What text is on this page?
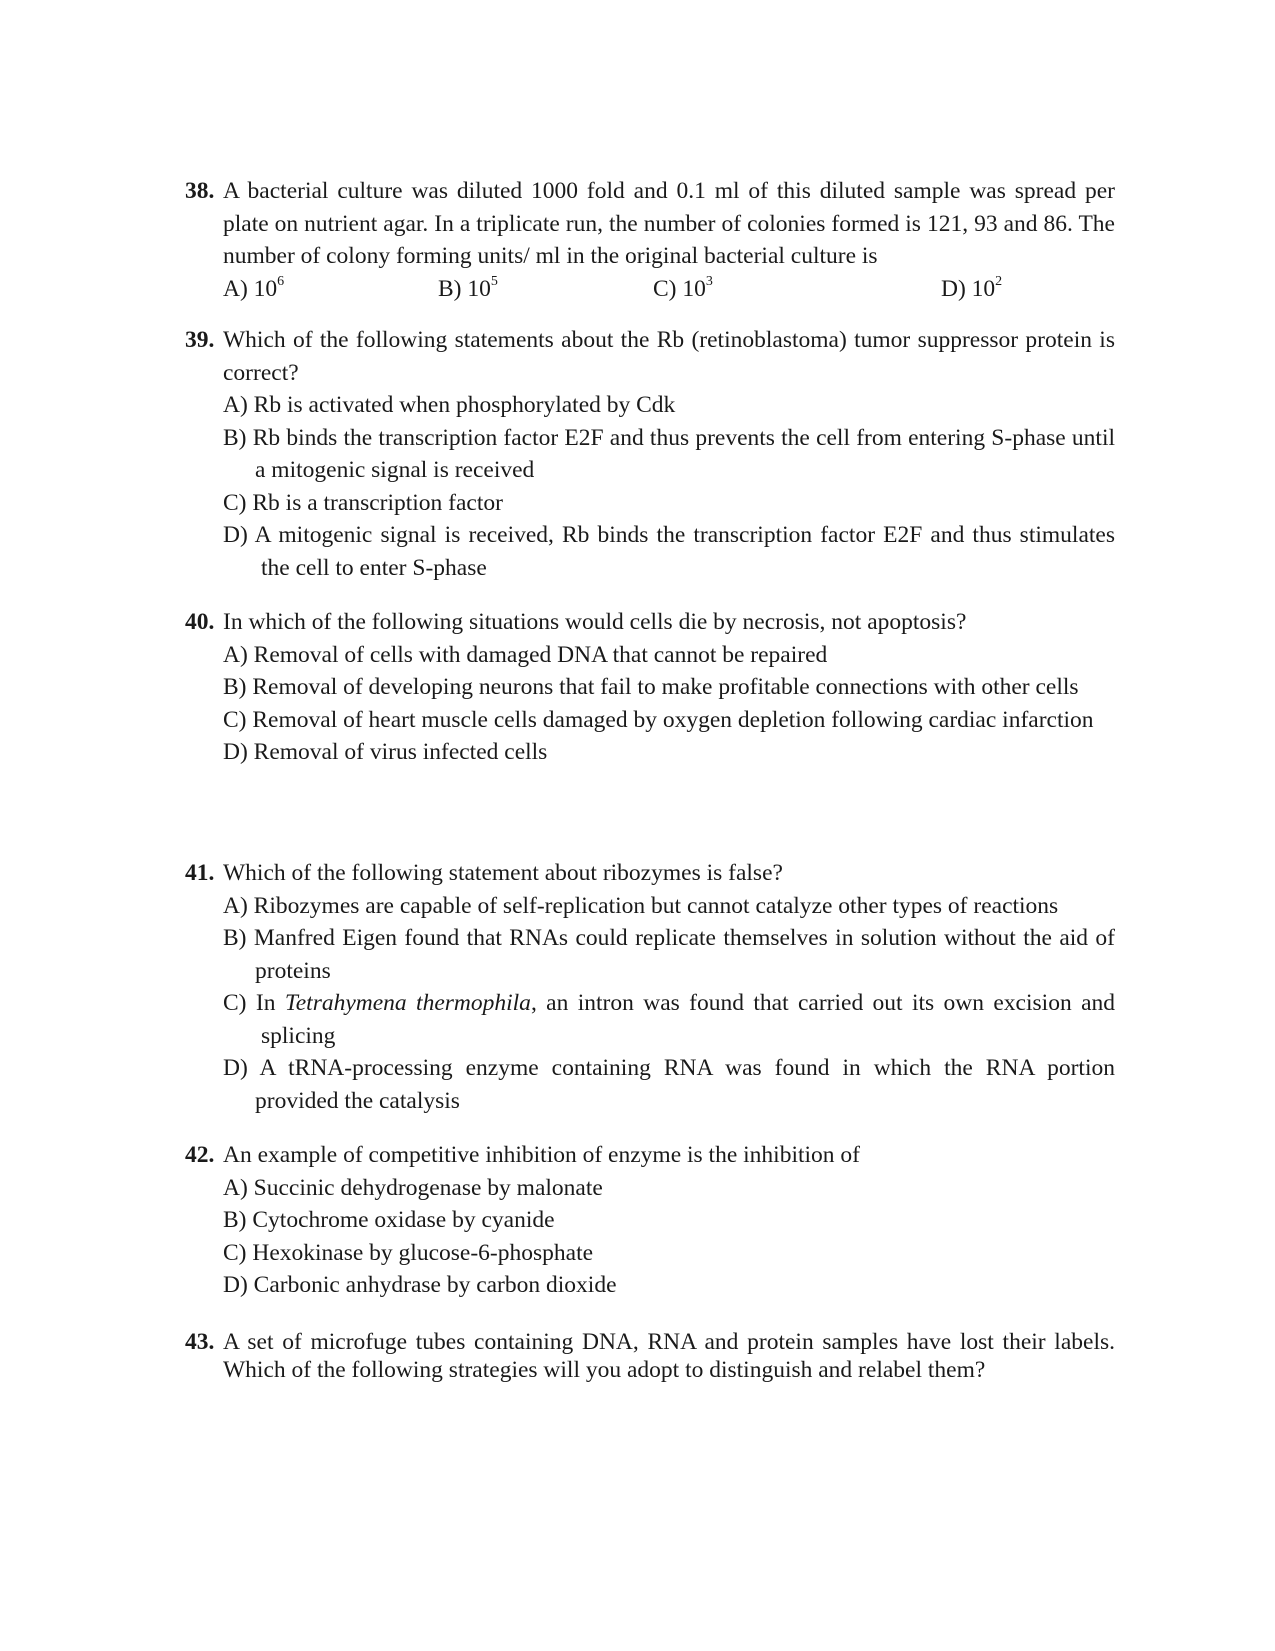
38. A bacterial culture was diluted 1000 fold and 0.1 ml of this diluted sample was spread per plate on nutrient agar. In a triplicate run, the number of colonies formed is 121, 93 and 86. The number of colony forming units/ ml in the original bacterial culture is
A) $10^6$	B) $10^5$	C) $10^3$	D) $10^2$
39. Which of the following statements about the Rb (retinoblastoma) tumor suppressor protein is correct?
A) Rb is activated when phosphorylated by Cdk
B) Rb binds the transcription factor E2F and thus prevents the cell from entering S-phase until a mitogenic signal is received
C) Rb is a transcription factor
D) A mitogenic signal is received, Rb binds the transcription factor E2F and thus stimulates the cell to enter S-phase
40. In which of the following situations would cells die by necrosis, not apoptosis?
A) Removal of cells with damaged DNA that cannot be repaired
B) Removal of developing neurons that fail to make profitable connections with other cells
C) Removal of heart muscle cells damaged by oxygen depletion following cardiac infarction
D) Removal of virus infected cells
41. Which of the following statement about ribozymes is false?
A) Ribozymes are capable of self-replication but cannot catalyze other types of reactions
B) Manfred Eigen found that RNAs could replicate themselves in solution without the aid of proteins
C) In Tetrahymena thermophila, an intron was found that carried out its own excision and splicing
D) A tRNA-processing enzyme containing RNA was found in which the RNA portion provided the catalysis
42. An example of competitive inhibition of enzyme is the inhibition of
A) Succinic dehydrogenase by malonate
B) Cytochrome oxidase by cyanide
C) Hexokinase by glucose-6-phosphate
D) Carbonic anhydrase by carbon dioxide
43. A set of microfuge tubes containing DNA, RNA and protein samples have lost their labels. Which of the following strategies will you adopt to distinguish and relabel them?
